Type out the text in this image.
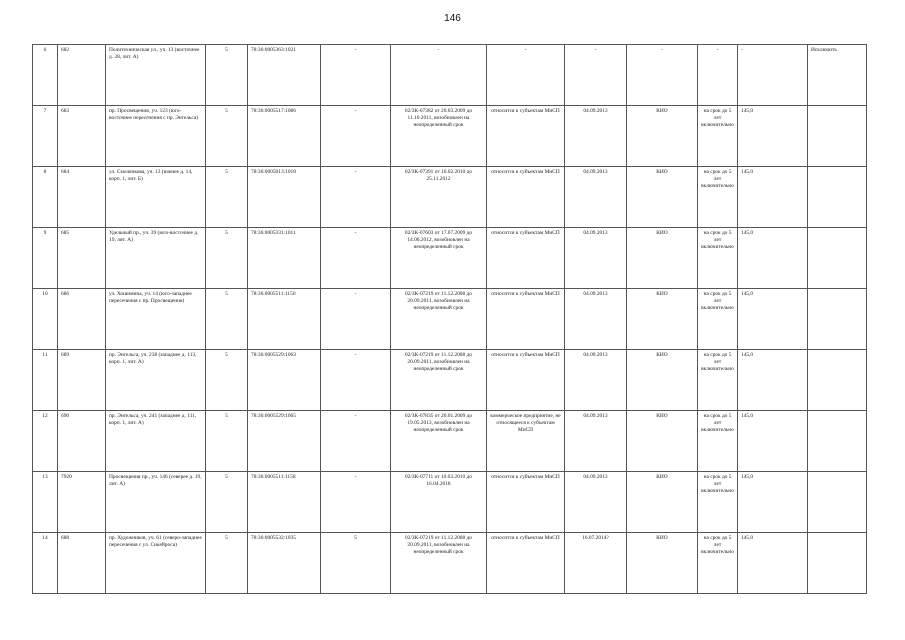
146
6	682	Политехническая ул., уч. 13 (восточнее д. 28, лит. А)	5	78:36:0005363:1021	-	-	-	-	-	-	-	Исключить
7	683	пр. Просвещения, уч. 123 (юго-восточнее пересечения с пр. Энгельса)	5	78:36:0005517:1086	-	02/ЗК-07382 от 20.03.2009 до 11.10.2011, возобновлен на неопределенный срок	относится к субъектам МиСП	04.09.2013	КИО	на срок до 5 лет включительно	145,0	
8	684	ул. Смолячкова, уч. 13 (южнее д. 14, корп. 1, лит. Б)	5	78:36:0005013:1018	-	02/ЗК-07391 от 16.02.2010 до 25.11.2012	относится к субъектам МиСП	04.09.2013	КИО	на срок до 5 лет включительно	145,0	
9	685	Удельный пр., уч. 39 (юго-восточнее д. 19, лит. А)	5	78:36:0005331:1011	-	02/ЗК-07603 от 17.07.2009 до 14.06.2012, возобновлен на неопределенный срок	относится к субъектам МиСП	04.09.2013	КИО	на срок до 5 лет включительно	145,0	
10	686	ул. Хошимина, уч. 14 (юго-западнее пересечения с пр. Просвещения)	5	78:36:0005511:1150	-	02/ЗК-07219 от 11.12.2008 до 20.09.2011, возобновлен на неопределенный срок	относится к субъектам МиСП	04.09.2013	КИО	на срок до 5 лет включительно	145,0	
11	689	пр. Энгельса, уч. 238 (западнее д. 113, корп. 1, лит. А)	5	78:36:0005529:1063	-	02/ЗК-07219 от 11.12.2008 до 20.09.2011, возобновлен на неопределенный срок	относится к субъектам МиСП	04.09.2013	КИО	на срок до 5 лет включительно	145,0	
12	690	пр. Энгельса, уч. 241 (западнее д. 111, корп. 1, лит. А)	5	78:36:0005529:1065	-	02/ЗК-07835 от 20.01.2009 до 19.05.2013, возобновлен на неопределенный срок	коммерческое предприятие, не относящееся к субъектам МиСП	04.09.2013	КИО	на срок до 5 лет включительно	145,0	
13	7920	Просвещения пр., уч. 146 (северее д. 19, лит. А)	5	78:36:0005511:1158	-	02/ЗК-07711 от 10.03.2010 до 16.04.2018	относится к субъектам МиСП	04.09.2013	КИО	на срок до 5 лет включительно	145,0	
14	688	пр. Художников, уч. 61 (северо-западнее пересечения с ул. Сикейроса)	5	78:36:0005532:1035	5	02/ЗК-07219 от 11.12.2008 до 20.09.2011, возобновлен на неопределенный срок	относится к субъектам МиСП	16.07.2014?	КИО	на срок до 5 лет включительно	145,0	
